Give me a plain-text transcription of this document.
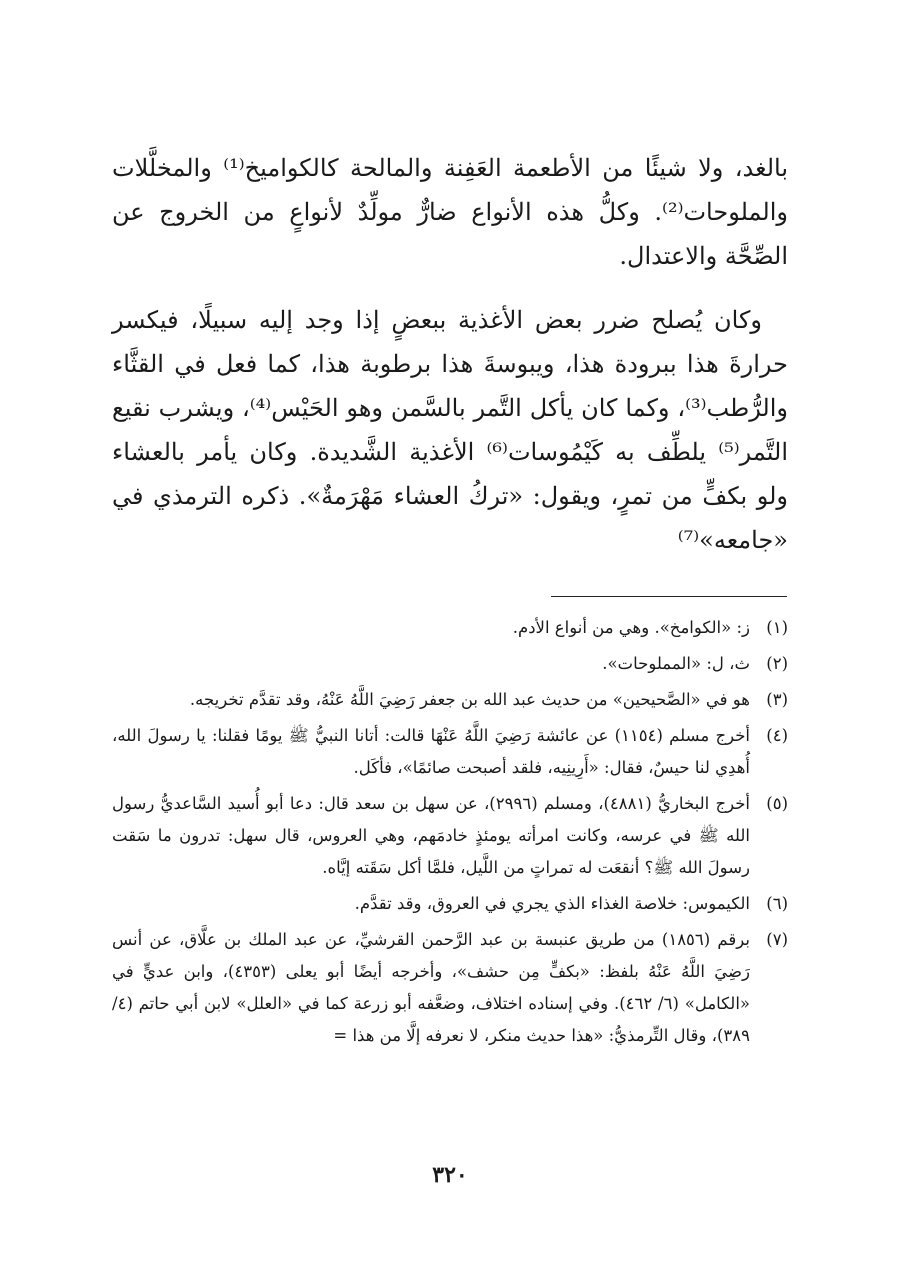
بالغد، ولا شيئًا من الأطعمة العَفِنة والمالحة كالكواميخ⁽¹⁾ والمخلَّلات والملوحات⁽²⁾. وكلُّ هذه الأنواع ضارٌّ مولِّدٌ لأنواعٍ من الخروج عن الصِّحَّة والاعتدال.

وكان يُصلح ضرر بعض الأغذية ببعضٍ إذا وجد إليه سبيلًا، فيكسر حرارةَ هذا ببرودة هذا، ويبوسةَ هذا برطوبة هذا، كما فعل في القثَّاء والرُّطب⁽³⁾، وكما كان يأكل التَّمر بالسَّمن وهو الحَيْس⁽⁴⁾، ويشرب نقيع التَّمر⁽⁵⁾ يلطِّف به كَيْمُوسات⁽⁶⁾ الأغذية الشَّديدة. وكان يأمر بالعشاء ولو بكفٍّ من تمرٍ، ويقول: «تركُ العشاء مَهْرَمةٌ». ذكره الترمذي في «جامعه»⁽⁷⁾

(١)
ز: «الكوامخ». وهي من أنواع الأدم.
(٢)
ث، ل: «المملوحات».
(٣)
هو في «الصَّحيحين» من حديث عبد الله بن جعفر رَضِيَ اللَّهُ عَنْهُ، وقد تقدَّم تخريجه.
(٤)
أخرج مسلم (١١٥٤) عن عائشة رَضِيَ اللَّهُ عَنْهَا قالت: أتانا النبيُّ ﷺ يومًا فقلنا: يا رسولَ الله، أُهدِي لنا حيسٌ، فقال: «أَرِينِيه، فلقد أصبحت صائمًا»، فأكَل.
(٥)
أخرج البخاريُّ (٤٨٨١)، ومسلم (٢٩٩٦)، عن سهل بن سعد قال: دعا أبو أُسيد السَّاعديُّ رسول الله ﷺ في عرسه، وكانت امرأته يومئذٍ خادمَهم، وهي العروس، قال سهل: تدرون ما سَقت رسولَ الله ﷺ؟ أنقعَت له تمراتٍ من اللَّيل، فلمَّا أكل سَقَته إيَّاه.
(٦)
الكيموس: خلاصة الغذاء الذي يجري في العروق، وقد تقدَّم.
(٧)
برقم (١٨٥٦) من طريق عنبسة بن عبد الرَّحمن القرشيِّ، عن عبد الملك بن علَّاق، عن أنس رَضِيَ اللَّهُ عَنْهُ بلفظ: «بكفٍّ مِن حشف»، وأخرجه أيضًا أبو يعلى (٤٣٥٣)، وابن عديٍّ في «الكامل» (٦/ ٤٦٢). وفي إسناده اختلاف، وضعَّفه أبو زرعة كما في «العلل» لابن أبي حاتم (٤/ ٣٨٩)، وقال التِّرمذيُّ: «هذا حديث منكر، لا نعرفه إلَّا من هذا =
٣٢٠
